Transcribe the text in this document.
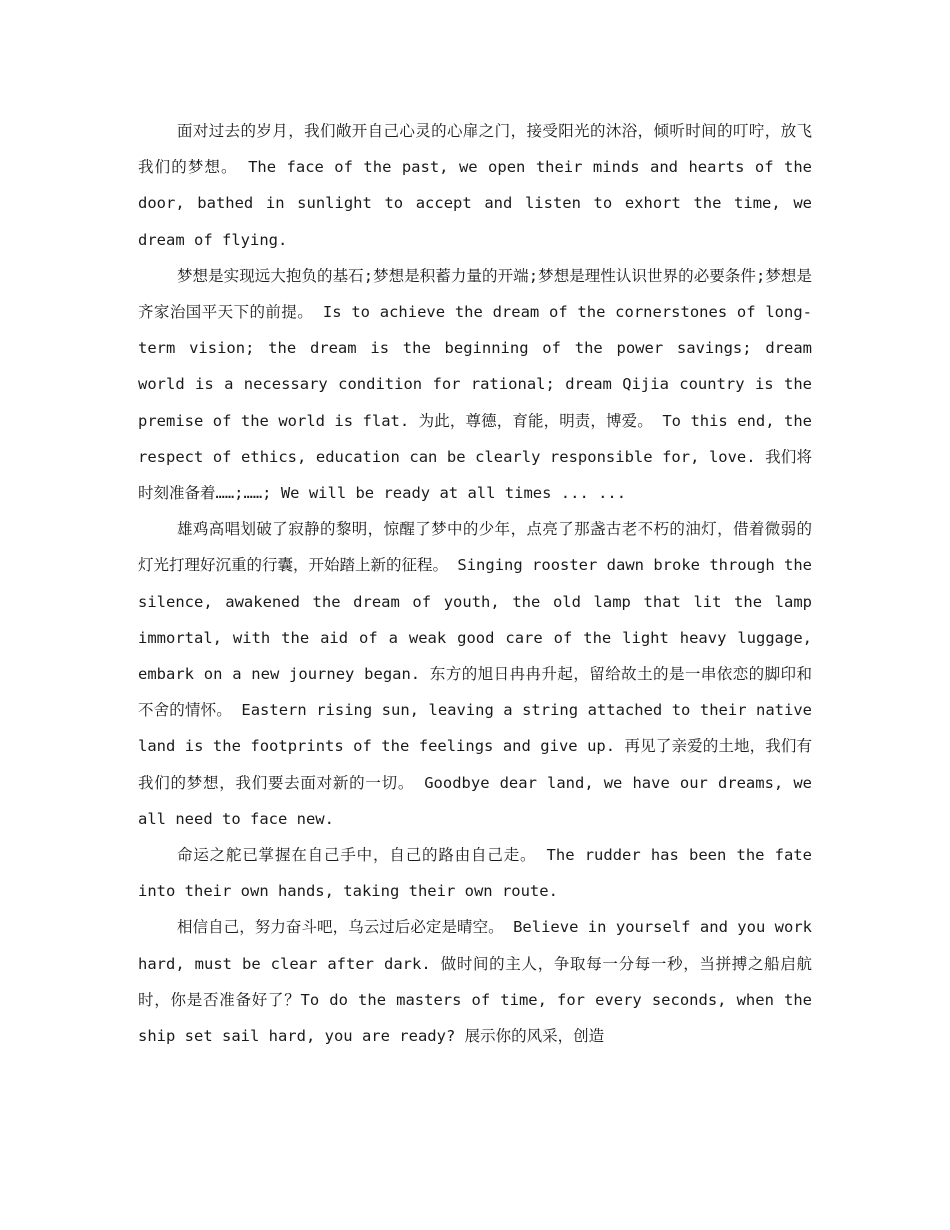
面对过去的岁月，我们敞开自己心灵的心扉之门，接受阳光的沐浴，倾听时间的叮咛，放飞我们的梦想。 The face of the past, we open their minds and hearts of the door, bathed in sunlight to accept and listen to exhort the time, we dream of flying.

梦想是实现远大抱负的基石;梦想是积蓄力量的开端;梦想是理性认识世界的必要条件;梦想是齐家治国平天下的前提。 Is to achieve the dream of the cornerstones of long-term vision; the dream is the beginning of the power savings; dream world is a necessary condition for rational; dream Qijia country is the premise of the world is flat. 为此，尊德，育能，明责，博爱。 To this end, the respect of ethics, education can be clearly responsible for, love. 我们将时刻准备着……;……; We will be ready at all times ... ...

雄鸡高唱划破了寂静的黎明，惊醒了梦中的少年，点亮了那盏古老不朽的油灯，借着微弱的灯光打理好沉重的行囊，开始踏上新的征程。 Singing rooster dawn broke through the silence, awakened the dream of youth, the old lamp that lit the lamp immortal, with the aid of a weak good care of the light heavy luggage, embark on a new journey began. 东方的旭日冉冉升起，留给故土的是一串依恋的脚印和不舍的情怀。 Eastern rising sun, leaving a string attached to their native land is the footprints of the feelings and give up. 再见了亲爱的土地，我们有我们的梦想，我们要去面对新的一切。 Goodbye dear land, we have our dreams, we all need to face new.

命运之舵已掌握在自己手中，自己的路由自己走。 The rudder has been the fate into their own hands, taking their own route.

相信自己，努力奋斗吧，乌云过后必定是晴空。 Believe in yourself and you work hard, must be clear after dark. 做时间的主人，争取每一分每一秒，当拼搏之船启航时，你是否准备好了？To do the masters of time, for every seconds, when the ship set sail hard, you are ready? 展示你的风采，创造
